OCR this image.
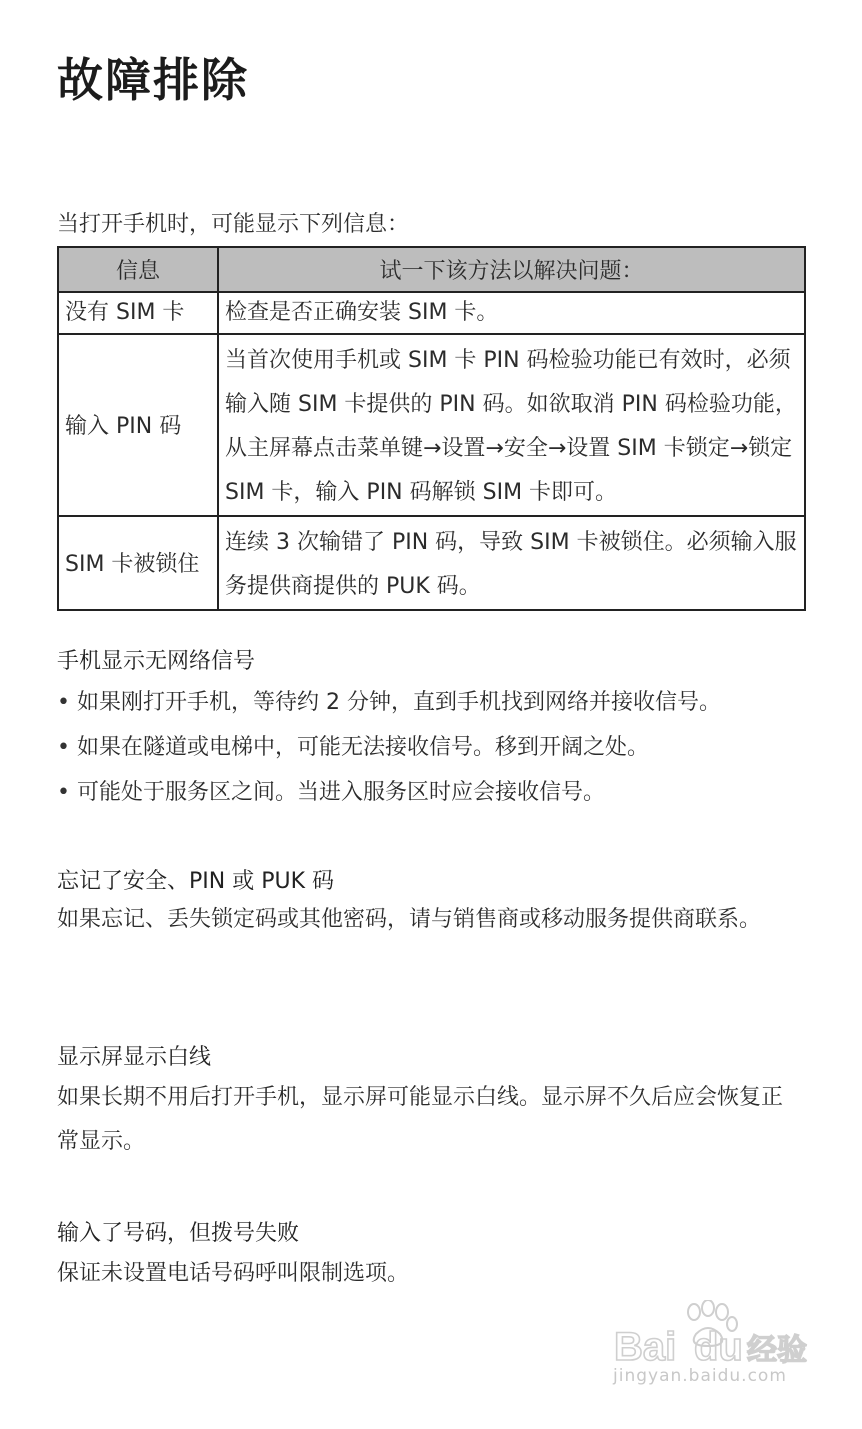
故障排除
当打开手机时，可能显示下列信息：
信息	试一下该方法以解决问题：
没有 SIM 卡	检查是否正确安装 SIM 卡。
输入 PIN 码	当首次使用手机或 SIM 卡 PIN 码检验功能已有效时，必须输入随 SIM 卡提供的 PIN 码。如欲取消 PIN 码检验功能，从主屏幕点击菜单键→设置→安全→设置 SIM 卡锁定→锁定 SIM 卡，输入 PIN 码解锁 SIM 卡即可。
SIM 卡被锁住	连续 3 次输错了 PIN 码，导致 SIM 卡被锁住。必须输入服务提供商提供的 PUK 码。
手机显示无网络信号
• 如果刚打开手机，等待约 2 分钟，直到手机找到网络并接收信号。
• 如果在隧道或电梯中，可能无法接收信号。移到开阔之处。
• 可能处于服务区之间。当进入服务区时应会接收信号。
忘记了安全、PIN 或 PUK 码
如果忘记、丢失锁定码或其他密码，请与销售商或移动服务提供商联系。
显示屏显示白线
如果长期不用后打开手机，显示屏可能显示白线。显示屏不久后应会恢复正常显示。
输入了号码，但拨号失败
保证未设置电话号码呼叫限制选项。
Bai du 经验
jingyan.baidu.com
